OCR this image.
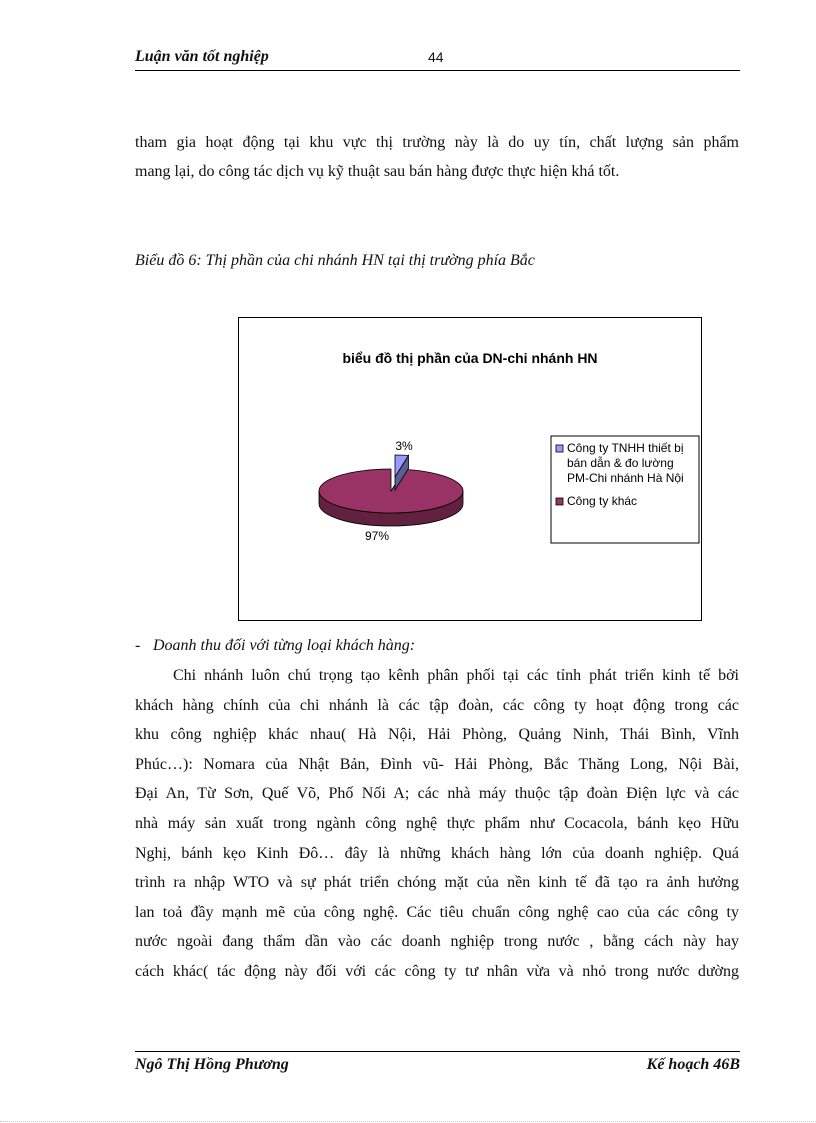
Luận văn tốt nghiệp	44
tham gia hoạt động tại khu vực thị trường này là do uy tín, chất lượng sản phẩm
mang lại, do công tác dịch vụ kỹ thuật sau bán hàng được thực hiện khá tốt.
Biểu đồ 6: Thị phần của chi nhánh HN tại thị trường phía Bắc
biểu đồ thị phần của DN-chi nhánh HN
3%
97%
Công ty TNHH thiết bị
bán dẫn & đo lường
PM-Chi nhánh Hà Nội
Công ty khác
- Doanh thu đối với từng loại khách hàng:
Chi nhánh luôn chú trọng tạo kênh phân phối tại các tỉnh phát triển kinh tế bởi
khách hàng chính của chi nhánh là các tập đoàn, các công ty hoạt động trong các
khu công nghiệp khác nhau( Hà Nội, Hải Phòng, Quảng Ninh, Thái Bình, Vĩnh
Phúc…): Nomara của Nhật Bản, Đình vũ- Hải Phòng, Bắc Thăng Long, Nội Bài,
Đại An, Từ Sơn, Quế Võ, Phố Nối A; các nhà máy thuộc tập đoàn Điện lực và các
nhà máy sản xuất trong ngành công nghệ thực phẩm như Cocacola, bánh kẹo Hữu
Nghị, bánh kẹo Kinh Đô… đây là những khách hàng lớn của doanh nghiệp. Quá
trình ra nhập WTO và sự phát triển chóng mặt của nền kinh tế đã tạo ra ảnh hưởng
lan toả đầy mạnh mẽ của công nghệ. Các tiêu chuẩn công nghệ cao của các công ty
nước ngoài đang thẩm dần vào các doanh nghiệp trong nước , bằng cách này hay
cách khác( tác động này đối với các công ty tư nhân vừa và nhỏ trong nước dường
Ngô Thị Hồng Phương	Kế hoạch 46B
